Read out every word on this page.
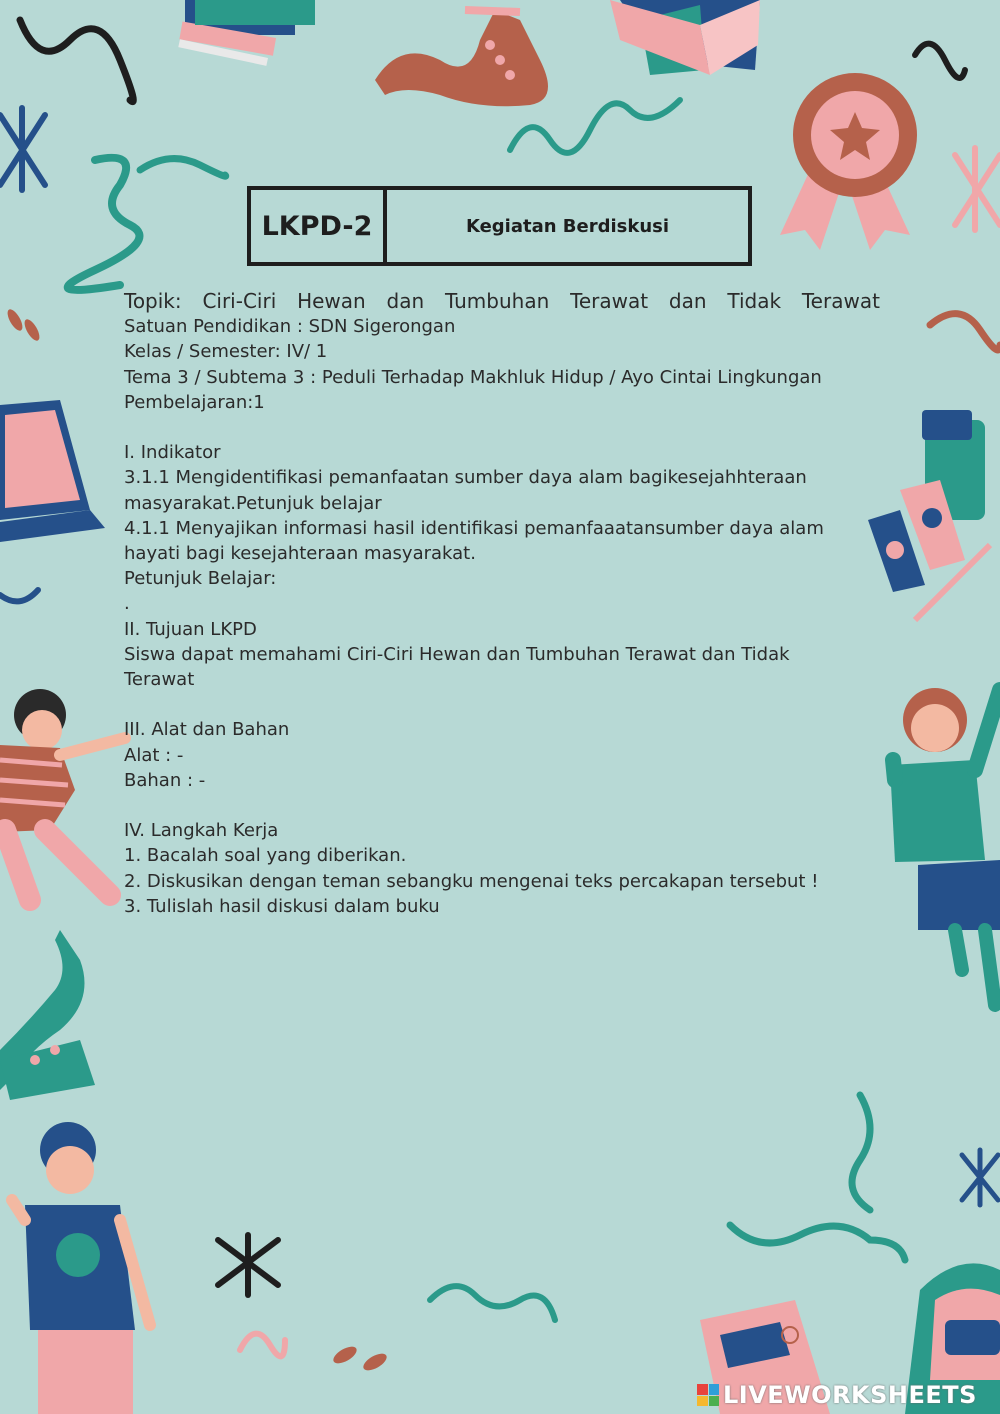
LKPD-2	Kegiatan Berdiskusi
Topik: Ciri-Ciri Hewan dan Tumbuhan Terawat dan Tidak Terawat
Satuan Pendidikan : SDN Sigerongan
Kelas / Semester: IV/ 1
Tema 3 / Subtema 3 : Peduli Terhadap Makhluk Hidup / Ayo Cintai Lingkungan
Pembelajaran:1
I. Indikator
3.1.1 Mengidentifikasi pemanfaatan sumber daya alam bagikesejahhteraan
masyarakat.Petunjuk belajar
4.1.1 Menyajikan informasi hasil identifikasi pemanfaaatansumber daya alam
hayati bagi kesejahteraan masyarakat.
Petunjuk Belajar:
.
II. Tujuan LKPD
Siswa dapat memahami Ciri-Ciri Hewan dan Tumbuhan Terawat dan Tidak
Terawat
III. Alat dan Bahan
Alat : -
Bahan : -
IV. Langkah Kerja
1. Bacalah soal yang diberikan.
2. Diskusikan dengan teman sebangku mengenai teks percakapan tersebut !
3. Tulislah hasil diskusi dalam buku
LIVEWORKSHEETS
